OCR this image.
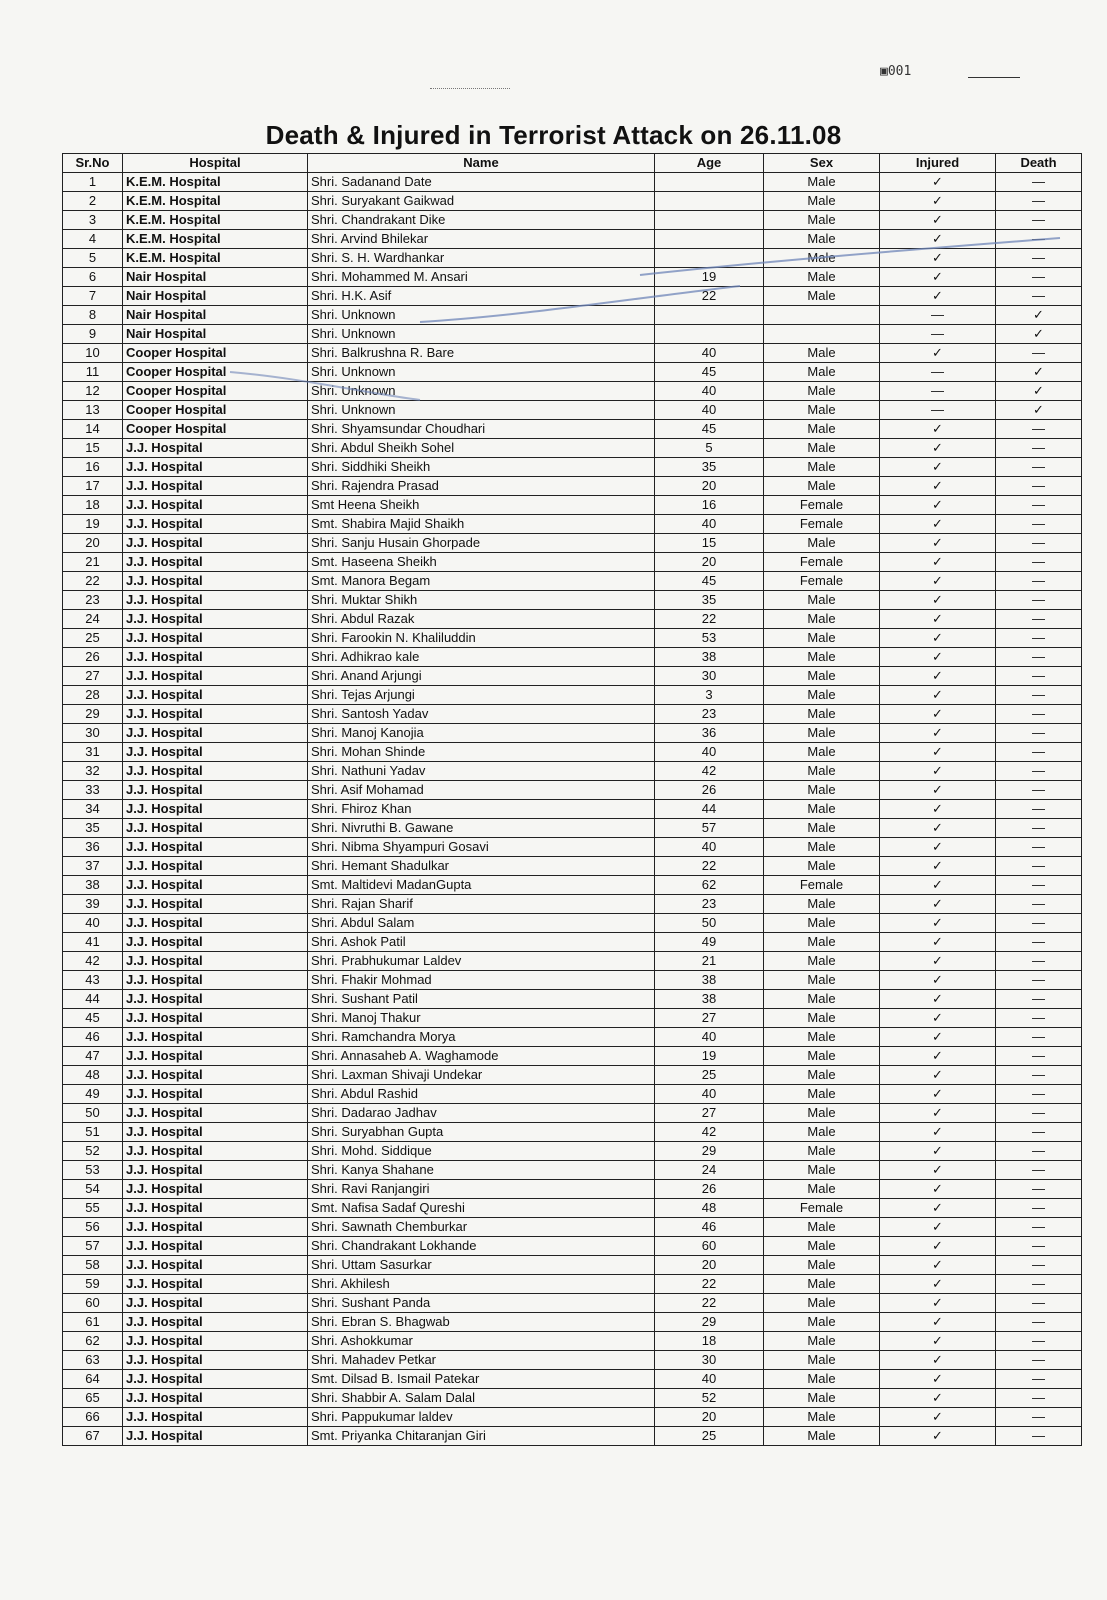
▣001
Death & Injured in Terrorist Attack on 26.11.08
Sr.No	Hospital	Name	Age	Sex	Injured	Death
1	K.E.M. Hospital	Shri. Sadanand Date		Male	✓	—
2	K.E.M. Hospital	Shri. Suryakant Gaikwad		Male	✓	—
3	K.E.M. Hospital	Shri. Chandrakant Dike		Male	✓	—
4	K.E.M. Hospital	Shri. Arvind Bhilekar		Male	✓	—
5	K.E.M. Hospital	Shri. S. H. Wardhankar		Male	✓	—
6	Nair Hospital	Shri. Mohammed M. Ansari	19	Male	✓	—
7	Nair Hospital	Shri. H.K. Asif	22	Male	✓	—
8	Nair Hospital	Shri. Unknown			—	✓
9	Nair Hospital	Shri. Unknown			—	✓
10	Cooper Hospital	Shri. Balkrushna R. Bare	40	Male	✓	—
11	Cooper Hospital	Shri. Unknown	45	Male	—	✓
12	Cooper Hospital	Shri. Unknown	40	Male	—	✓
13	Cooper Hospital	Shri. Unknown	40	Male	—	✓
14	Cooper Hospital	Shri. Shyamsundar Choudhari	45	Male	✓	—
15	J.J. Hospital	Shri. Abdul Sheikh Sohel	5	Male	✓	—
16	J.J. Hospital	Shri. Siddhiki Sheikh	35	Male	✓	—
17	J.J. Hospital	Shri. Rajendra Prasad	20	Male	✓	—
18	J.J. Hospital	Smt Heena Sheikh	16	Female	✓	—
19	J.J. Hospital	Smt. Shabira Majid Shaikh	40	Female	✓	—
20	J.J. Hospital	Shri. Sanju Husain Ghorpade	15	Male	✓	—
21	J.J. Hospital	Smt. Haseena Sheikh	20	Female	✓	—
22	J.J. Hospital	Smt. Manora Begam	45	Female	✓	—
23	J.J. Hospital	Shri. Muktar Shikh	35	Male	✓	—
24	J.J. Hospital	Shri. Abdul Razak	22	Male	✓	—
25	J.J. Hospital	Shri. Farookin N. Khaliluddin	53	Male	✓	—
26	J.J. Hospital	Shri. Adhikrao kale	38	Male	✓	—
27	J.J. Hospital	Shri. Anand Arjungi	30	Male	✓	—
28	J.J. Hospital	Shri. Tejas Arjungi	3	Male	✓	—
29	J.J. Hospital	Shri. Santosh Yadav	23	Male	✓	—
30	J.J. Hospital	Shri. Manoj Kanojia	36	Male	✓	—
31	J.J. Hospital	Shri. Mohan Shinde	40	Male	✓	—
32	J.J. Hospital	Shri. Nathuni Yadav	42	Male	✓	—
33	J.J. Hospital	Shri. Asif Mohamad	26	Male	✓	—
34	J.J. Hospital	Shri. Fhiroz Khan	44	Male	✓	—
35	J.J. Hospital	Shri. Nivruthi B. Gawane	57	Male	✓	—
36	J.J. Hospital	Shri. Nibma Shyampuri Gosavi	40	Male	✓	—
37	J.J. Hospital	Shri. Hemant Shadulkar	22	Male	✓	—
38	J.J. Hospital	Smt. Maltidevi MadanGupta	62	Female	✓	—
39	J.J. Hospital	Shri. Rajan Sharif	23	Male	✓	—
40	J.J. Hospital	Shri. Abdul Salam	50	Male	✓	—
41	J.J. Hospital	Shri. Ashok Patil	49	Male	✓	—
42	J.J. Hospital	Shri. Prabhukumar Laldev	21	Male	✓	—
43	J.J. Hospital	Shri. Fhakir Mohmad	38	Male	✓	—
44	J.J. Hospital	Shri. Sushant Patil	38	Male	✓	—
45	J.J. Hospital	Shri. Manoj Thakur	27	Male	✓	—
46	J.J. Hospital	Shri. Ramchandra Morya	40	Male	✓	—
47	J.J. Hospital	Shri. Annasaheb A. Waghamode	19	Male	✓	—
48	J.J. Hospital	Shri. Laxman Shivaji Undekar	25	Male	✓	—
49	J.J. Hospital	Shri. Abdul Rashid	40	Male	✓	—
50	J.J. Hospital	Shri. Dadarao Jadhav	27	Male	✓	—
51	J.J. Hospital	Shri. Suryabhan Gupta	42	Male	✓	—
52	J.J. Hospital	Shri. Mohd. Siddique	29	Male	✓	—
53	J.J. Hospital	Shri. Kanya Shahane	24	Male	✓	—
54	J.J. Hospital	Shri. Ravi Ranjangiri	26	Male	✓	—
55	J.J. Hospital	Smt. Nafisa Sadaf Qureshi	48	Female	✓	—
56	J.J. Hospital	Shri. Sawnath Chemburkar	46	Male	✓	—
57	J.J. Hospital	Shri. Chandrakant Lokhande	60	Male	✓	—
58	J.J. Hospital	Shri. Uttam Sasurkar	20	Male	✓	—
59	J.J. Hospital	Shri. Akhilesh	22	Male	✓	—
60	J.J. Hospital	Shri. Sushant Panda	22	Male	✓	—
61	J.J. Hospital	Shri. Ebran S. Bhagwab	29	Male	✓	—
62	J.J. Hospital	Shri. Ashokkumar	18	Male	✓	—
63	J.J. Hospital	Shri. Mahadev Petkar	30	Male	✓	—
64	J.J. Hospital	Smt. Dilsad B. Ismail Patekar	40	Male	✓	—
65	J.J. Hospital	Shri. Shabbir A. Salam Dalal	52	Male	✓	—
66	J.J. Hospital	Shri. Pappukumar laldev	20	Male	✓	—
67	J.J. Hospital	Smt. Priyanka Chitaranjan Giri	25	Male	✓	—
